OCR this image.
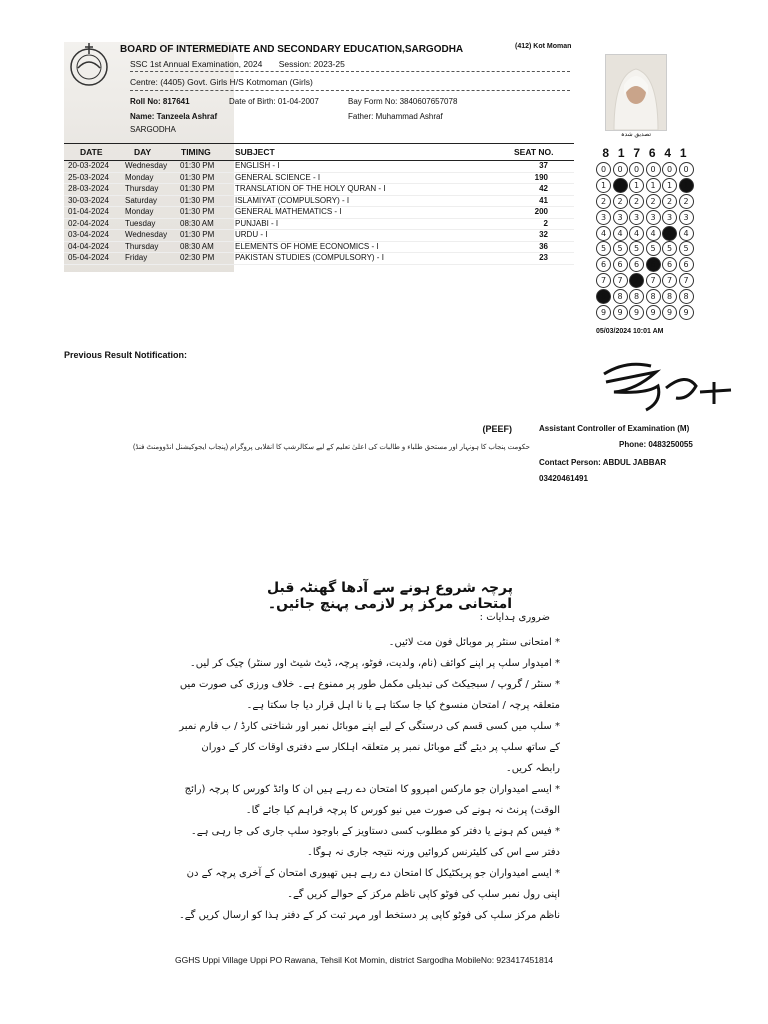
BOARD OF INTERMEDIATE AND SECONDARY EDUCATION,SARGODHA	(412) Kot Moman
SSC 1st Annual Examination, 2024 Session: 2023-25
Centre: (4405) Govt. Girls H/S Kotmoman (Girls)
Roll No: 817641	Date of Birth: 01-04-2007	Bay Form No: 3840607657078
Name: Tanzeela Ashraf	Father: Muhammad Ashraf
SARGODHA
DATE	DAY	TIMING	SUBJECT	SEAT NO.
20-03-2024 Wednesday 01:30 PM	ENGLISH - I	37
25-03-2024 Monday	01:30 PM	GENERAL SCIENCE - I	190
28-03-2024 Thursday	01:30 PM	TRANSLATION OF THE HOLY QURAN - I	42
30-03-2024 Saturday	01:30 PM	ISLAMIYAT (COMPULSORY) - I	41
01-04-2024 Monday	01:30 PM	GENERAL MATHEMATICS - I	200
02-04-2024 Tuesday	08:30 AM	PUNJABI - I	2
03-04-2024 Wednesday 01:30 PM	URDU - I	32
04-04-2024 Thursday	08:30 AM	ELEMENTS OF HOME ECONOMICS - I	36
05-04-2024 Friday	02:30 PM	PAKISTAN STUDIES (COMPULSORY) - I	23
تصدیق شدہ
8 1 7 6 4 1
0 0 0 0 0 0
1 1 1 1 1 1
2 2 2 2 2 2
3 3 3 3 3 3
4 4 4 4 4 4
5 5 5 5 5 5
6 6 6 6 6 6
7 7 7 7 7 7
8 8 8 8 8 8
9 9 9 9 9 9
05/03/2024 10:01 AM
Previous Result Notification:
Assistant Controller of Examination (M)
Phone: 0483250055
Contact Person: ABDUL JABBAR
03420461491
(PEEF)
حکومت پنجاب کا ہونہار اور مستحق طلباء و طالبات کی اعلیٰ تعلیم کے لیے سکالرشپ کا انقلابی پروگرام (پنجاب ایجوکیشنل انڈوومنٹ فنڈ)
پرچہ شروع ہونے سے آدھا گھنٹہ قبل امتحانی مرکز پر لازمی پہنچ جائیں۔
ضروری ہدایات :
* امتحانی سنٹر پر موبائل فون مت لائیں۔
* امیدوار سلپ پر اپنے کوائف (نام، ولدیت، فوٹو، پرچہ، ڈیٹ شیٹ اور سنٹر) چیک کر لیں۔
* سنٹر / گروپ / سبجیکٹ کی تبدیلی مکمل طور پر ممنوع ہے۔ خلاف ورزی کی صورت میں متعلقہ پرچہ / امتحان منسوخ کیا جا سکتا ہے یا نا اہل قرار دیا جا سکتا ہے۔
* سلپ میں کسی قسم کی درستگی کے لیے اپنے موبائل نمبر اور شناختی کارڈ / ب فارم نمبر کے ساتھ سلپ پر دیئے گئے موبائل نمبر پر متعلقہ اہلکار سے دفتری اوقات کار کے دوران رابطہ کریں۔
* ایسے امیدواران جو مارکس امپروو کا امتحان دے رہے ہیں ان کا وائڈ کورس کا پرچہ (رائج الوقت) پرنٹ نہ ہونے کی صورت میں نیو کورس کا پرچہ فراہم کیا جائے گا۔
* فیس کم ہونے یا دفتر کو مطلوب کسی دستاویز کے باوجود سلپ جاری کی جا رہی ہے۔ دفتر سے اس کی کلیئرنس کروائیں ورنہ نتیجہ جاری نہ ہوگا۔
* ایسے امیدواران جو پریکٹیکل کا امتحان دے رہے ہیں تھیوری امتحان کے آخری پرچہ کے دن اپنی رول نمبر سلپ کی فوٹو کاپی ناظم مرکز کے حوالے کریں گے۔
ناظم مرکز سلپ کی فوٹو کاپی پر دستخط اور مہر ثبت کر کے دفتر ہذا کو ارسال کریں گے۔
GGHS Uppi Village Uppi PO Rawana, Tehsil Kot Momin, district Sargodha MobileNo: 923417451814
